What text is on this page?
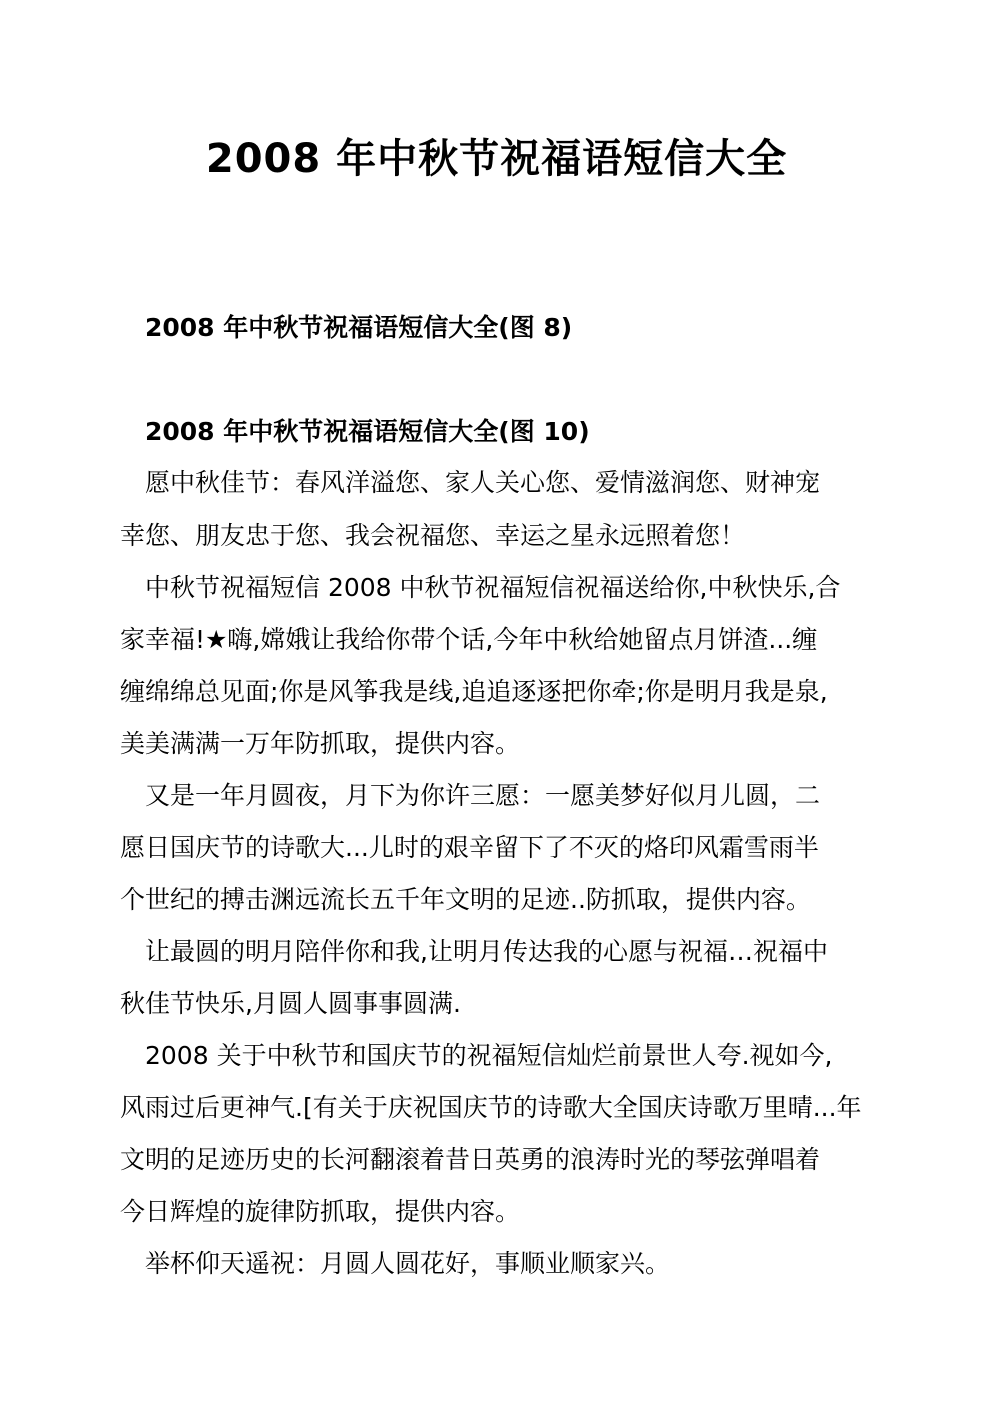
2008 年中秋节祝福语短信大全
2008 年中秋节祝福语短信大全(图 8)
2008 年中秋节祝福语短信大全(图 10)
愿中秋佳节：春风洋溢您、家人关心您、爱情滋润您、财神宠
幸您、朋友忠于您、我会祝福您、幸运之星永远照着您！
中秋节祝福短信 2008 中秋节祝福短信祝福送给你,中秋快乐,合
家幸福!★嗨,嫦娥让我给你带个话,今年中秋给她留点月饼渣...缠
缠绵绵总见面;你是风筝我是线,追追逐逐把你牵;你是明月我是泉,
美美满满一万年防抓取，提供内容。
又是一年月圆夜，月下为你许三愿：一愿美梦好似月儿圆，二
愿日国庆节的诗歌大...儿时的艰辛留下了不灭的烙印风霜雪雨半
个世纪的搏击渊远流长五千年文明的足迹..防抓取，提供内容。
让最圆的明月陪伴你和我,让明月传达我的心愿与祝福…祝福中
秋佳节快乐,月圆人圆事事圆满.
2008 关于中秋节和国庆节的祝福短信灿烂前景世人夸.视如今,
风雨过后更神气.[有关于庆祝国庆节的诗歌大全国庆诗歌万里晴...年
文明的足迹历史的长河翻滚着昔日英勇的浪涛时光的琴弦弹唱着
今日辉煌的旋律防抓取，提供内容。
举杯仰天遥祝：月圆人圆花好，事顺业顺家兴。
